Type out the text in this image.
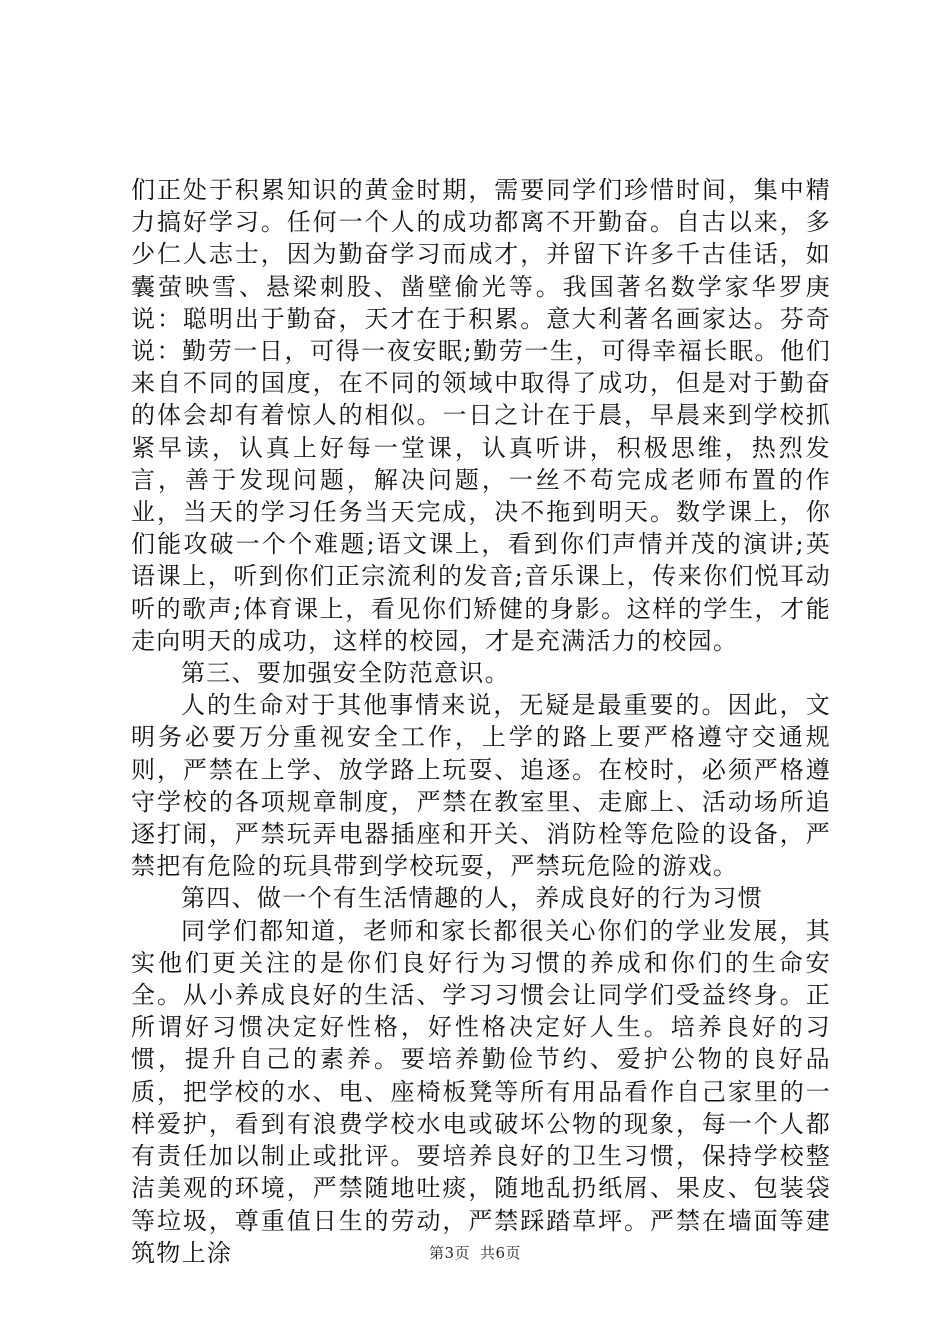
们正处于积累知识的黄金时期，需要同学们珍惜时间，集中精力搞好学习。任何一个人的成功都离不开勤奋。自古以来，多少仁人志士，因为勤奋学习而成才，并留下许多千古佳话，如囊萤映雪、悬梁刺股、凿壁偷光等。我国著名数学家华罗庚说：聪明出于勤奋，天才在于积累。意大利著名画家达。芬奇说：勤劳一日，可得一夜安眠;勤劳一生，可得幸福长眠。他们来自不同的国度，在不同的领域中取得了成功，但是对于勤奋的体会却有着惊人的相似。一日之计在于晨，早晨来到学校抓紧早读，认真上好每一堂课，认真听讲，积极思维，热烈发言，善于发现问题，解决问题，一丝不苟完成老师布置的作业，当天的学习任务当天完成，决不拖到明天。数学课上，你们能攻破一个个难题;语文课上，看到你们声情并茂的演讲;英语课上，听到你们正宗流利的发音;音乐课上，传来你们悦耳动听的歌声;体育课上，看见你们矫健的身影。这样的学生，才能走向明天的成功，这样的校园，才是充满活力的校园。

第三、要加强安全防范意识。

人的生命对于其他事情来说，无疑是最重要的。因此，文明务必要万分重视安全工作，上学的路上要严格遵守交通规则，严禁在上学、放学路上玩耍、追逐。在校时，必须严格遵守学校的各项规章制度，严禁在教室里、走廊上、活动场所追逐打闹，严禁玩弄电器插座和开关、消防栓等危险的设备，严禁把有危险的玩具带到学校玩耍，严禁玩危险的游戏。

第四、做一个有生活情趣的人，养成良好的行为习惯

同学们都知道，老师和家长都很关心你们的学业发展，其实他们更关注的是你们良好行为习惯的养成和你们的生命安全。从小养成良好的生活、学习习惯会让同学们受益终身。正所谓好习惯决定好性格，好性格决定好人生。培养良好的习惯，提升自己的素养。要培养勤俭节约、爱护公物的良好品质，把学校的水、电、座椅板凳等所有用品看作自己家里的一样爱护，看到有浪费学校水电或破坏公物的现象，每一个人都有责任加以制止或批评。要培养良好的卫生习惯，保持学校整洁美观的环境，严禁随地吐痰，随地乱扔纸屑、果皮、包装袋等垃圾，尊重值日生的劳动，严禁踩踏草坪。严禁在墙面等建筑物上涂	第3页 共6页
